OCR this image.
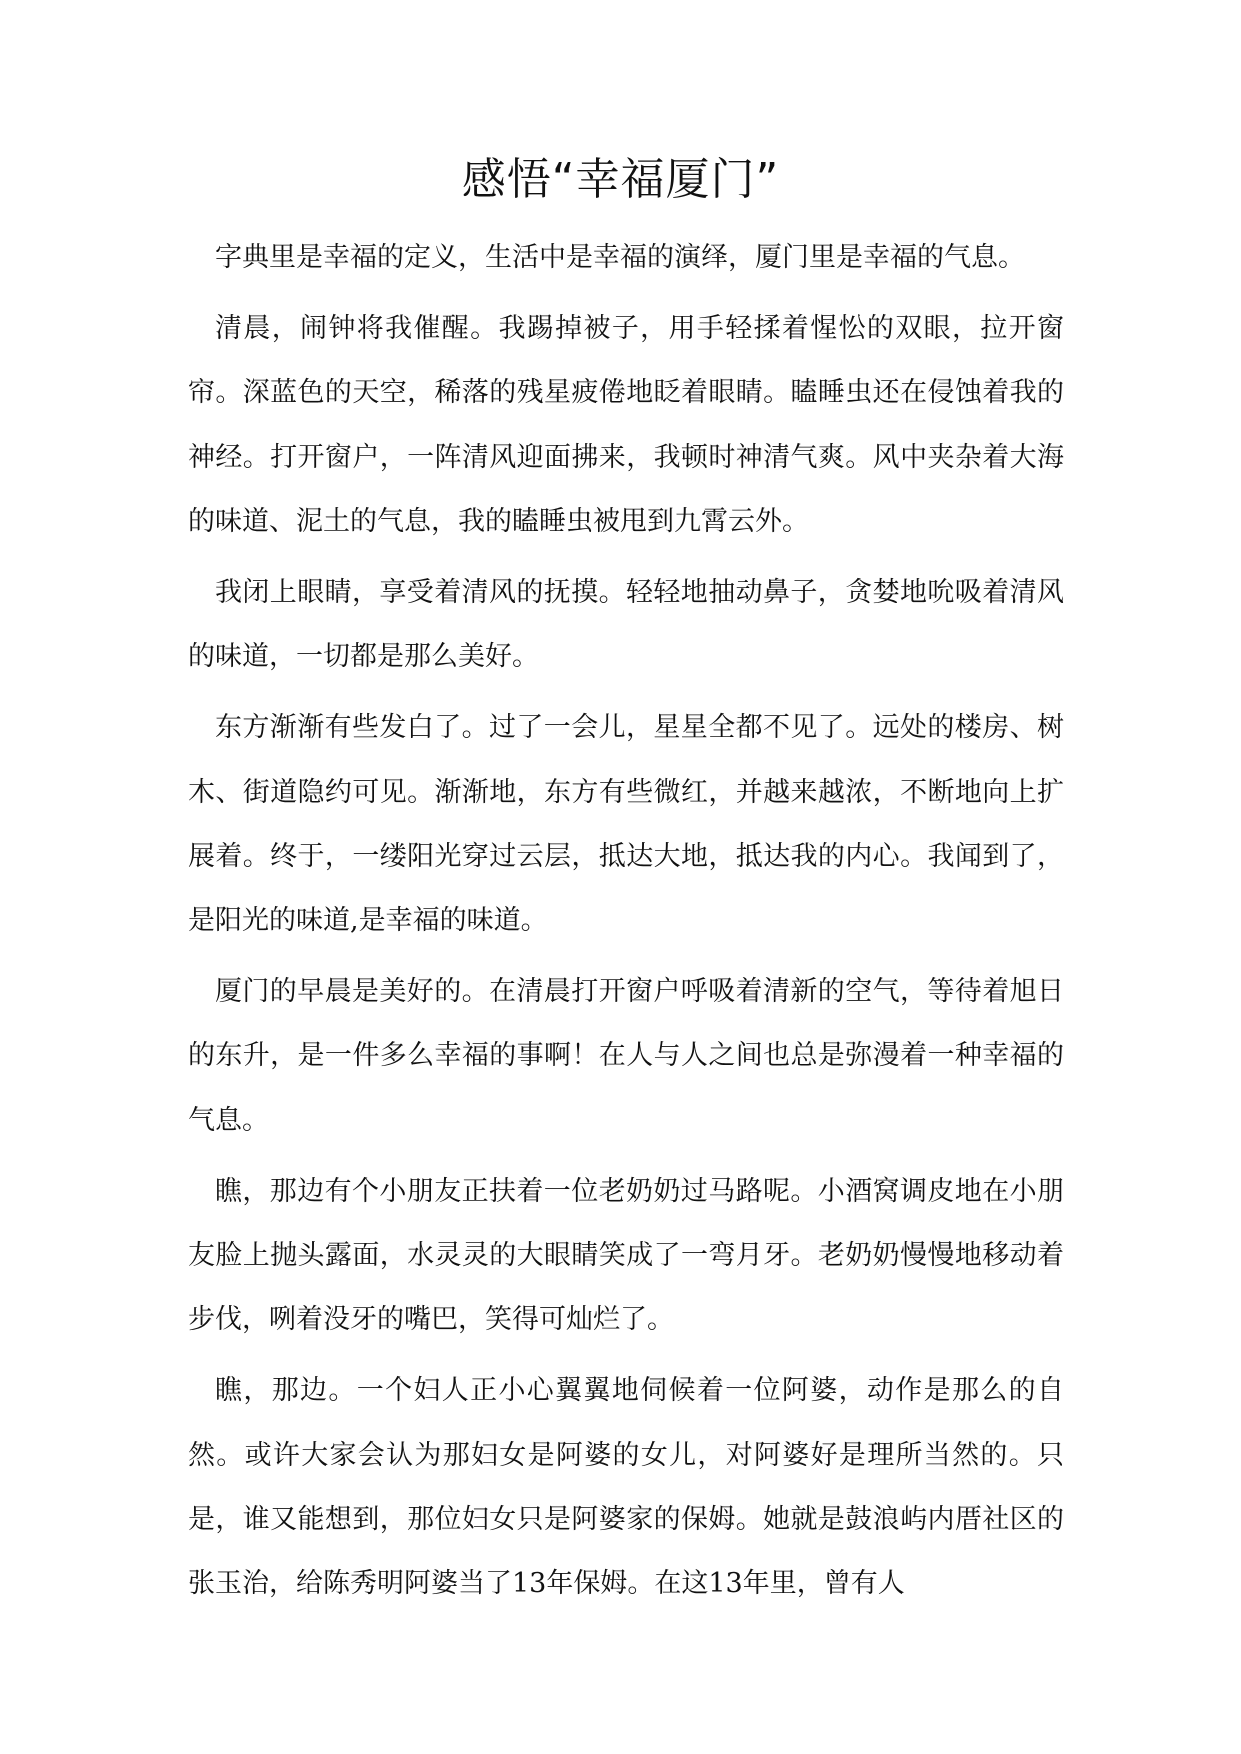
感悟“幸福厦门”

字典里是幸福的定义，生活中是幸福的演绎，厦门里是幸福的气息。

清晨，闹钟将我催醒。我踢掉被子，用手轻揉着惺忪的双眼，拉开窗帘。深蓝色的天空，稀落的残星疲倦地眨着眼睛。瞌睡虫还在侵蚀着我的神经。打开窗户，一阵清风迎面拂来，我顿时神清气爽。风中夹杂着大海的味道、泥土的气息，我的瞌睡虫被甩到九霄云外。

我闭上眼睛，享受着清风的抚摸。轻轻地抽动鼻子，贪婪地吮吸着清风的味道，一切都是那么美好。

东方渐渐有些发白了。过了一会儿，星星全都不见了。远处的楼房、树木、街道隐约可见。渐渐地，东方有些微红，并越来越浓，不断地向上扩展着。终于，一缕阳光穿过云层，抵达大地，抵达我的内心。我闻到了，是阳光的味道,是幸福的味道。

厦门的早晨是美好的。在清晨打开窗户呼吸着清新的空气，等待着旭日的东升，是一件多么幸福的事啊！在人与人之间也总是弥漫着一种幸福的气息。

瞧，那边有个小朋友正扶着一位老奶奶过马路呢。小酒窝调皮地在小朋友脸上抛头露面，水灵灵的大眼睛笑成了一弯月牙。老奶奶慢慢地移动着步伐，咧着没牙的嘴巴，笑得可灿烂了。

瞧，那边。一个妇人正小心翼翼地伺候着一位阿婆，动作是那么的自然。或许大家会认为那妇女是阿婆的女儿，对阿婆好是理所当然的。只是，谁又能想到，那位妇女只是阿婆家的保姆。她就是鼓浪屿内厝社区的张玉治，给陈秀明阿婆当了13年保姆。在这13年里，曾有人
